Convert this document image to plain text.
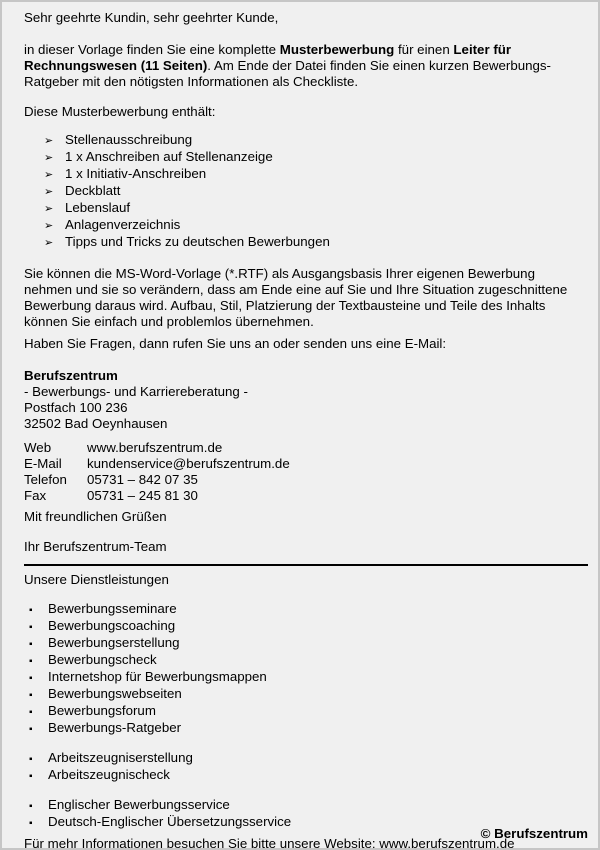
Sehr geehrte Kundin, sehr geehrter Kunde,

in dieser Vorlage finden Sie eine komplette Musterbewerbung für einen Leiter für Rechnungswesen (11 Seiten). Am Ende der Datei finden Sie einen kurzen Bewerbungs-Ratgeber mit den nötigsten Informationen als Checkliste.

Diese Musterbewerbung enthält:

➢ Stellenausschreibung
➢ 1 x Anschreiben auf Stellenanzeige
➢ 1 x Initiativ-Anschreiben
➢ Deckblatt
➢ Lebenslauf
➢ Anlagenverzeichnis
➢ Tipps und Tricks zu deutschen Bewerbungen

Sie können die MS-Word-Vorlage (*.RTF) als Ausgangsbasis Ihrer eigenen Bewerbung nehmen und sie so verändern, dass am Ende eine auf Sie und Ihre Situation zugeschnittene Bewerbung daraus wird. Aufbau, Stil, Platzierung der Textbausteine und Teile des Inhalts können Sie einfach und problemlos übernehmen.

Haben Sie Fragen, dann rufen Sie uns an oder senden uns eine E-Mail:

Berufszentrum

- Bewerbungs- und Karriereberatung -

Postfach 100 236

32502 Bad Oeynhausen

Web	www.berufszentrum.de
E-Mail	kundenservice@berufszentrum.de
Telefon	05731 – 842 07 35
Fax	05731 – 245 81 30

Mit freundlichen Grüßen

Ihr Berufszentrum-Team

Unsere Dienstleistungen

▪	Bewerbungsseminare
▪	Bewerbungscoaching
▪	Bewerbungserstellung
▪	Bewerbungscheck
▪	Internetshop für Bewerbungsmappen
▪	Bewerbungswebseiten
▪	Bewerbungsforum
▪	Bewerbungs-Ratgeber
▪	Arbeitszeugniserstellung
▪	Arbeitszeugnischeck
▪	Englischer Bewerbungsservice
▪	Deutsch-Englischer Übersetzungsservice

Für mehr Informationen besuchen Sie bitte unsere Website: www.berufszentrum.de

© Berufszentrum
